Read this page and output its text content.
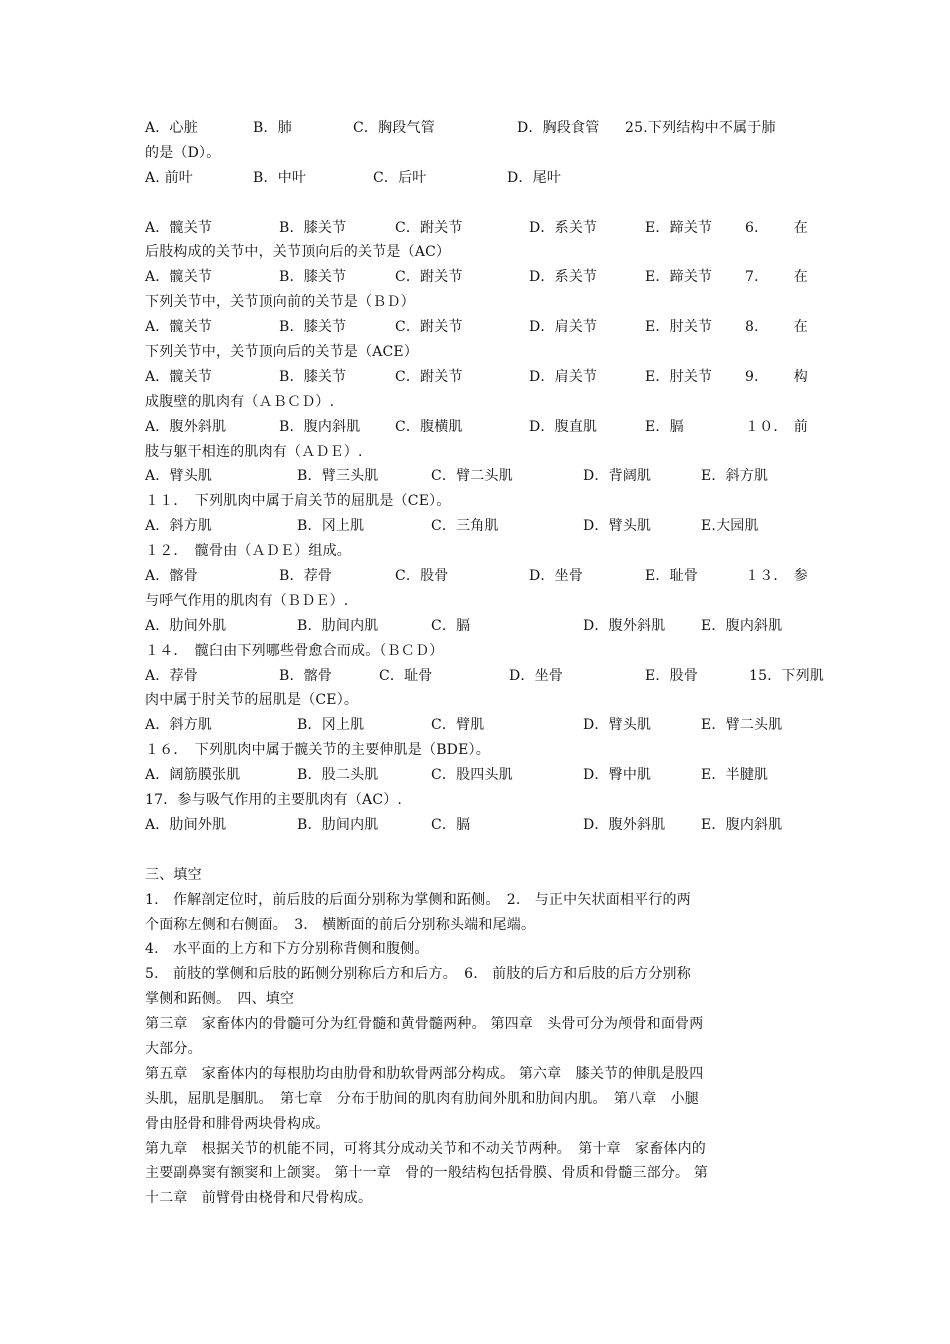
A．心脏	B．肺	C．胸段气管	D．胸段食管 25.下列结构中不属于肺
的是（D）。
A. 前叶	B．中叶	C．后叶	D．尾叶
A．髋关节	B．膝关节	C．跗关节	D．系关节	E．蹄关节 6． 在
后肢构成的关节中，关节顶向后的关节是（AC）
A．髋关节	B．膝关节	C．跗关节	D．系关节	E．蹄关节 7． 在
下列关节中，关节顶向前的关节是（ＢＤ）
A．髋关节	B．膝关节	C．跗关节	D．肩关节	E．肘关节 8． 在
下列关节中，关节顶向后的关节是（ACE）
A．髋关节	B．膝关节	C．跗关节	D．肩关节	E．肘关节 9． 构
成腹壁的肌肉有（ＡＢＣＤ）.
A．腹外斜肌	B．腹内斜肌 C．腹横肌	D．腹直肌	E．膈	１０． 前
肢与躯干相连的肌肉有（ＡＤＥ）.
A．臂头肌	B．臂三头肌	C．臂二头肌	D．背阔肌	E．斜方肌
１１．　下列肌肉中属于肩关节的屈肌是（CE）。
A．斜方肌	B．冈上肌	C．三角肌	D．臂头肌	E.大园肌
１２．　髋骨由（ＡＤＥ）组成。
A．髂骨	B．荐骨	C．股骨	D．坐骨	E．耻骨	１３． 参
与呼气作用的肌肉有（ＢＤＥ）.
A．肋间外肌	B．肋间内肌	C．膈	D．腹外斜肌	E．腹内斜肌
１４．　髋臼由下列哪些骨愈合而成。（ＢＣＤ）
A．荐骨	B．髂骨	C．耻骨	D．坐骨	E．股骨	15．下列肌
肉中属于肘关节的屈肌是（CE）。
A．斜方肌	B．冈上肌	C．臂肌	D．臂头肌	E．臂二头肌
１６．　下列肌肉中属于髋关节的主要伸肌是（BDE）。
A．阔筋膜张肌	B．股二头肌	C．股四头肌	D．臀中肌	E．半腱肌
17．参与吸气作用的主要肌肉有（AC）.
A．肋间外肌	B．肋间内肌	C．膈	D．腹外斜肌	E．腹内斜肌
三、填空
1.　作解剖定位时，前后肢的后面分别称为掌侧和跖侧。　2.　与正中矢状面相平行的两
个面称左侧和右侧面。　3.　横断面的前后分别称头端和尾端。
4.　水平面的上方和下方分别称背侧和腹侧。
5.　前肢的掌侧和后肢的跖侧分别称后方和后方。　6.　前肢的后方和后肢的后方分别称
掌侧和跖侧。　四、填空
第三章　家畜体内的骨髓可分为红骨髓和黄骨髓两种。 第四章　头骨可分为颅骨和面骨两
大部分。
第五章　家畜体内的每根肋均由肋骨和肋软骨两部分构成。 第六章　膝关节的伸肌是股四
头肌，屈肌是腘肌。　第七章　分布于肋间的肌肉有肋间外肌和肋间内肌。　第八章　小腿
骨由胫骨和腓骨两块骨构成。
第九章　根据关节的机能不同，可将其分成动关节和不动关节两种。　第十章　家畜体内的
主要副鼻窦有额窦和上颌窦。 第十一章　骨的一般结构包括骨膜、骨质和骨髓三部分。 第
十二章　前臂骨由桡骨和尺骨构成。
